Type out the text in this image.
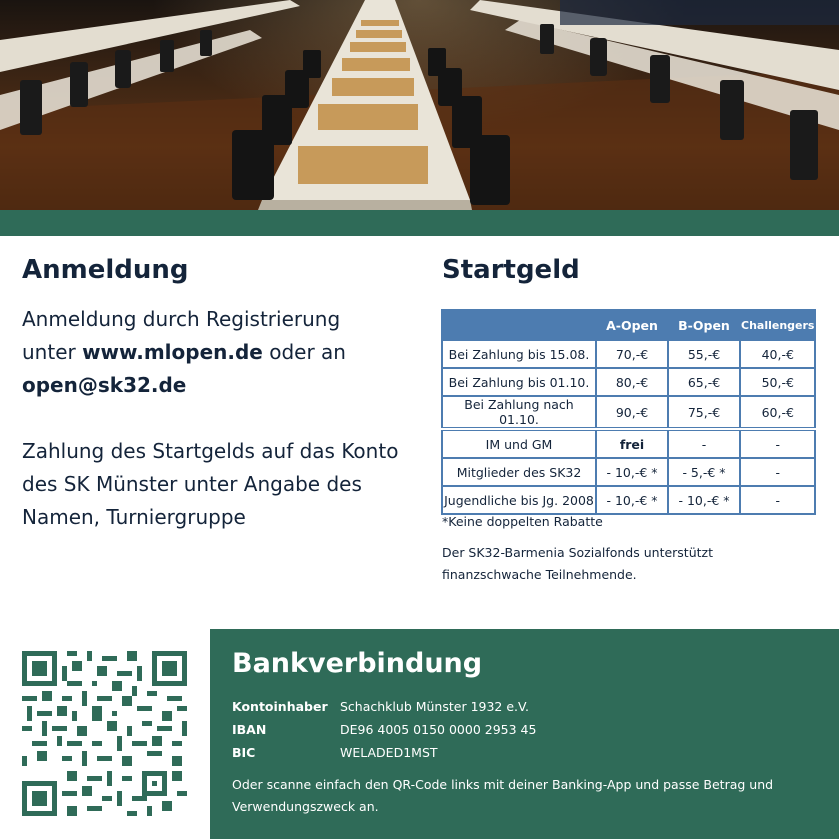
Anmeldung

Anmeldung durch Registrierung

unter www.mlopen.de oder an

open@sk32.de

Zahlung des Startgelds auf das Konto

des SK Münster unter Angabe des

Namen, Turniergruppe

Startgeld
	A-Open	B-Open	Challengers
Bei Zahlung bis 15.08.	70,-€	55,-€	40,-€
Bei Zahlung bis 01.10.	80,-€	65,-€	50,-€
Bei Zahlung nach 01.10.	90,-€	75,-€	60,-€
IM und GM	frei	-	-
Mitglieder des SK32	- 10,-€ *	- 5,-€ *	-
Jugendliche bis Jg. 2008	- 10,-€ *	- 10,-€ *	-
*Keine doppelten Rabatte
Der SK32-Barmenia Sozialfonds unterstützt finanzschwache Teilnehmende.
Bankverbindung
Kontoinhaber Schachklub Münster 1932 e.V.
IBAN	DE96 4005 0150 0000 2953 45
BIC	WELADED1MST
Oder scanne einfach den QR-Code links mit deiner Banking-App und passe Betrag und Verwendungszweck an.
